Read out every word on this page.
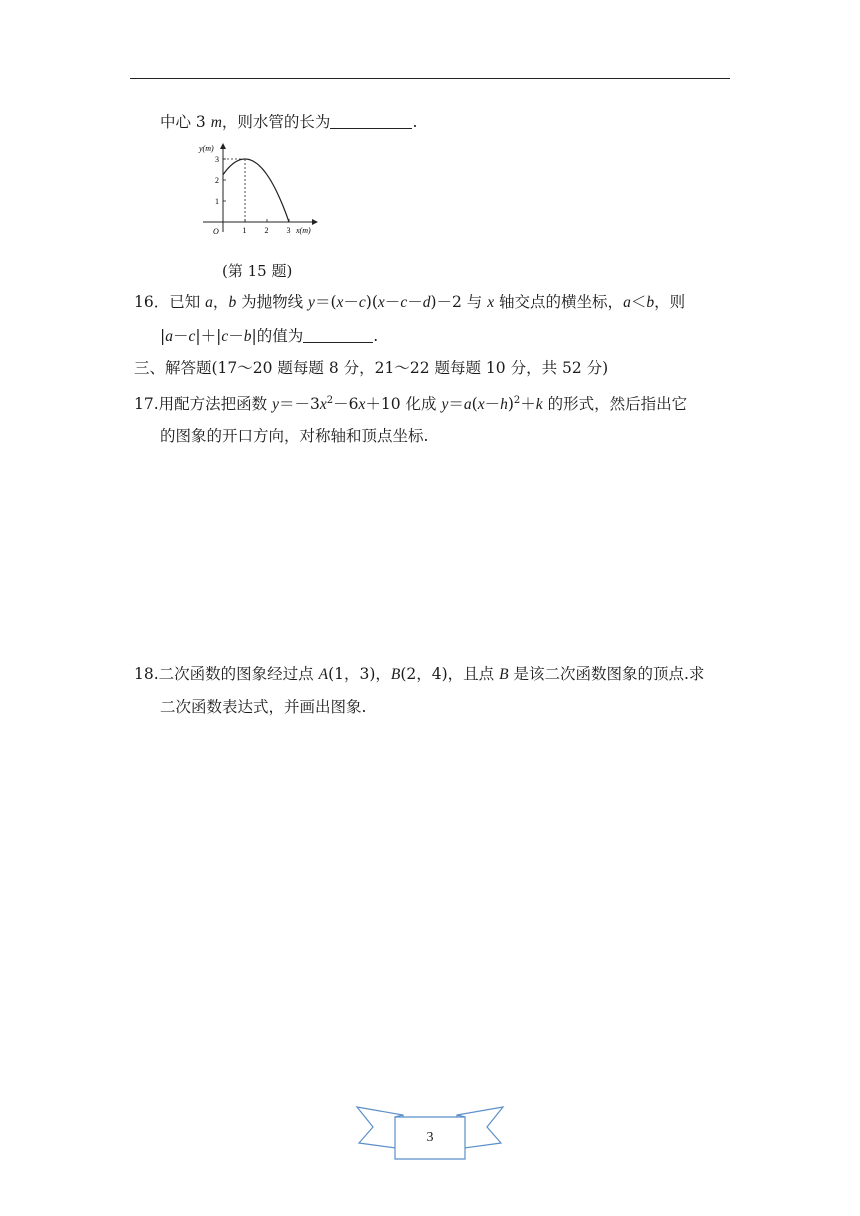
中心 3 m，则水管的长为	.
y(m)
x(m)
O	1 2 3
1
2
3
(第 15 题)
16．已知 a，b 为抛物线 y＝(x－c)(x－c－d)－2 与 x 轴交点的横坐标，a＜b，则
|a－c|＋|c－b|的值为	.
三、解答题(17～20 题每题 8 分，21～22 题每题 10 分，共 52 分)
17.用配方法把函数 $y=-3x^2-6x+10$ 化成 $y=a(x-h)^2+k$ 的形式，然后指出它
的图象的开口方向，对称轴和顶点坐标.
18.二次函数的图象经过点 A(1，3)，B(2，4)，且点 B 是该二次函数图象的顶点.求
二次函数表达式，并画出图象.
3
